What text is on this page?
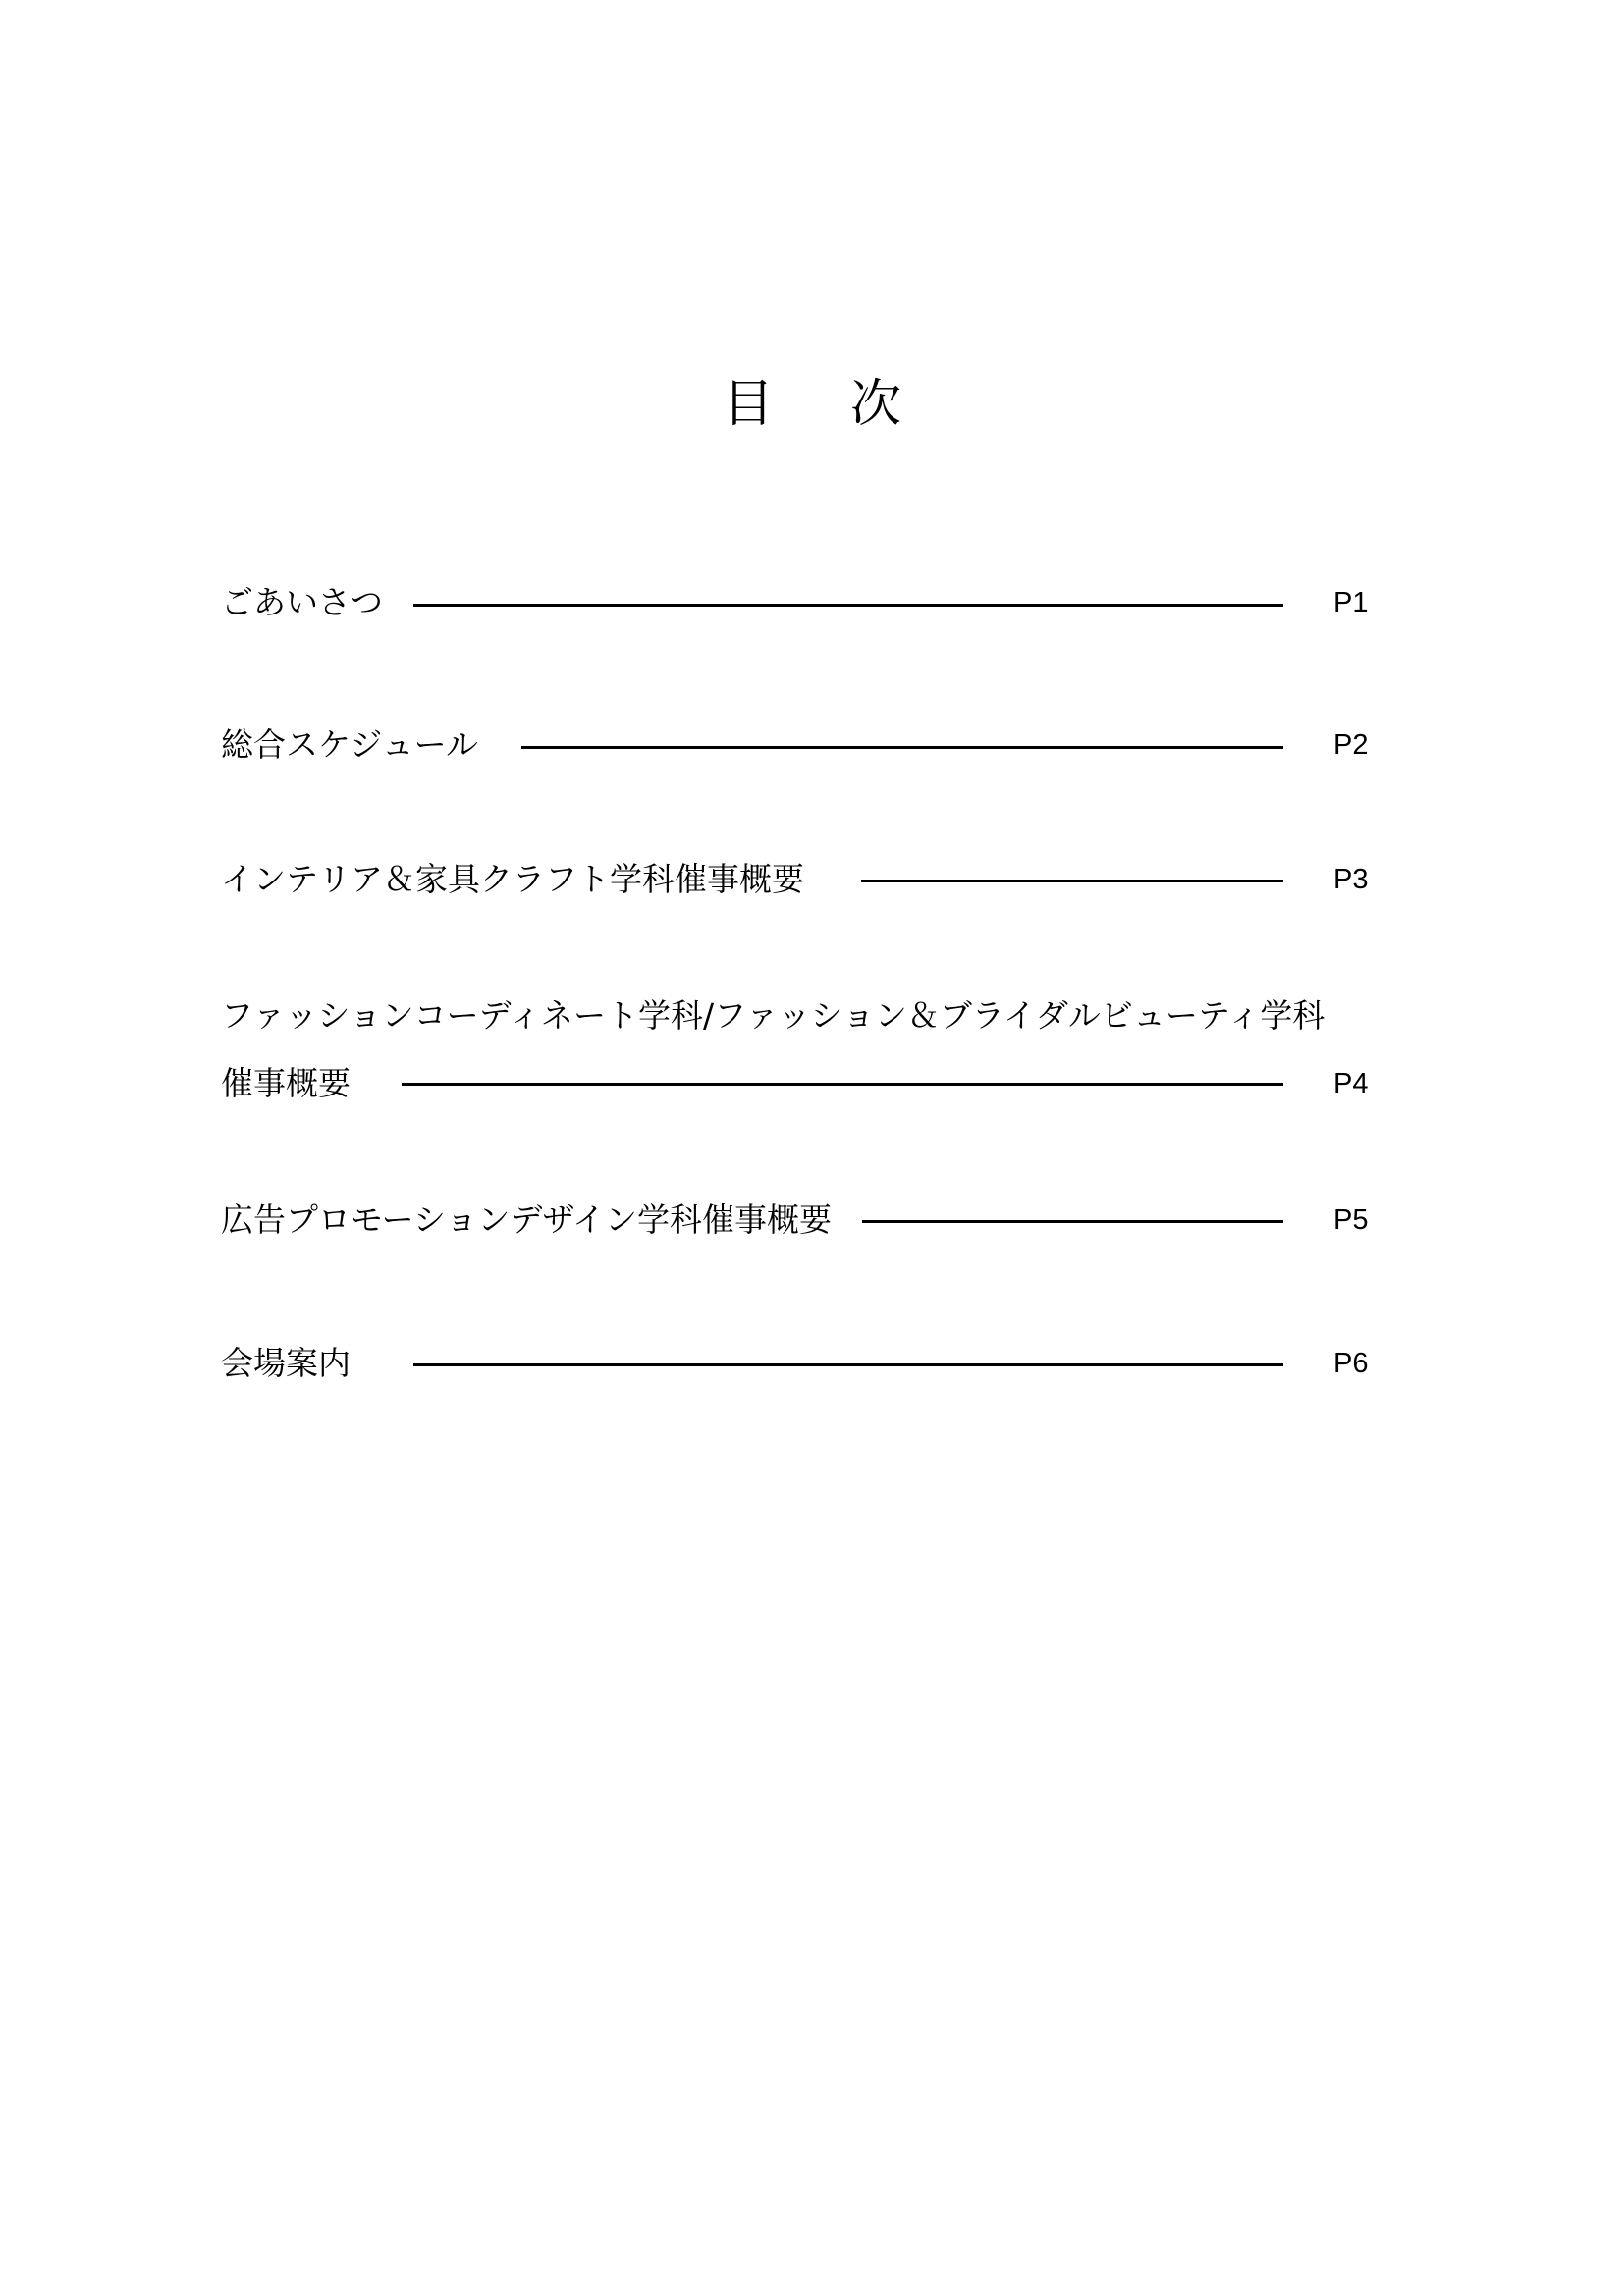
目 次
ごあいさつ	P1
総合スケジュール	P2
インテリア＆家具クラフト学科催事概要	P3
ファッションコーディネート学科/ファッション＆ブライダルビューティ学科
催事概要	P4
広告プロモーションデザイン学科催事概要	P5
会場案内	P6
